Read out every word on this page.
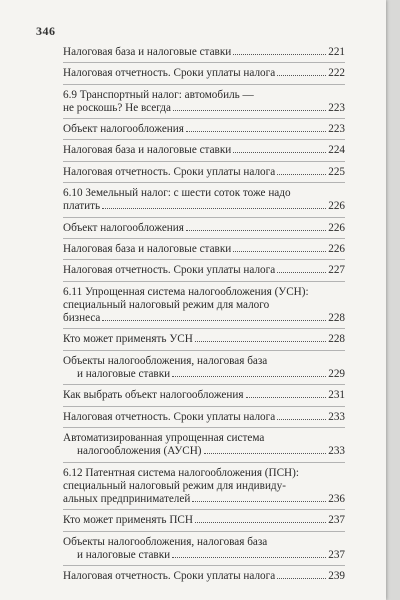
346
Налоговая база и налоговые ставки	221
Налоговая отчетность. Сроки уплаты налога	222
6.9 Транспортный налог: автомобиль —
не роскошь? Не всегда	223
Объект налогообложения	223
Налоговая база и налоговые ставки	224
Налоговая отчетность. Сроки уплаты налога	225
6.10 Земельный налог: с шести соток тоже надо
платить	226
Объект налогообложения	226
Налоговая база и налоговые ставки	226
Налоговая отчетность. Сроки уплаты налога	227
6.11 Упрощенная система налогообложения (УСН):
специальный налоговый режим для малого
бизнеса	228
Кто может применять УСН	228
Объекты налогообложения, налоговая база
и налоговые ставки	229
Как выбрать объект налогообложения	231
Налоговая отчетность. Сроки уплаты налога	233
Автоматизированная упрощенная система
налогообложения (АУСН)	233
6.12 Патентная система налогообложения (ПСН):
специальный налоговый режим для индивиду-
альных предпринимателей	236
Кто может применять ПСН	237
Объекты налогообложения, налоговая база
и налоговые ставки	237
Налоговая отчетность. Сроки уплаты налога	239
